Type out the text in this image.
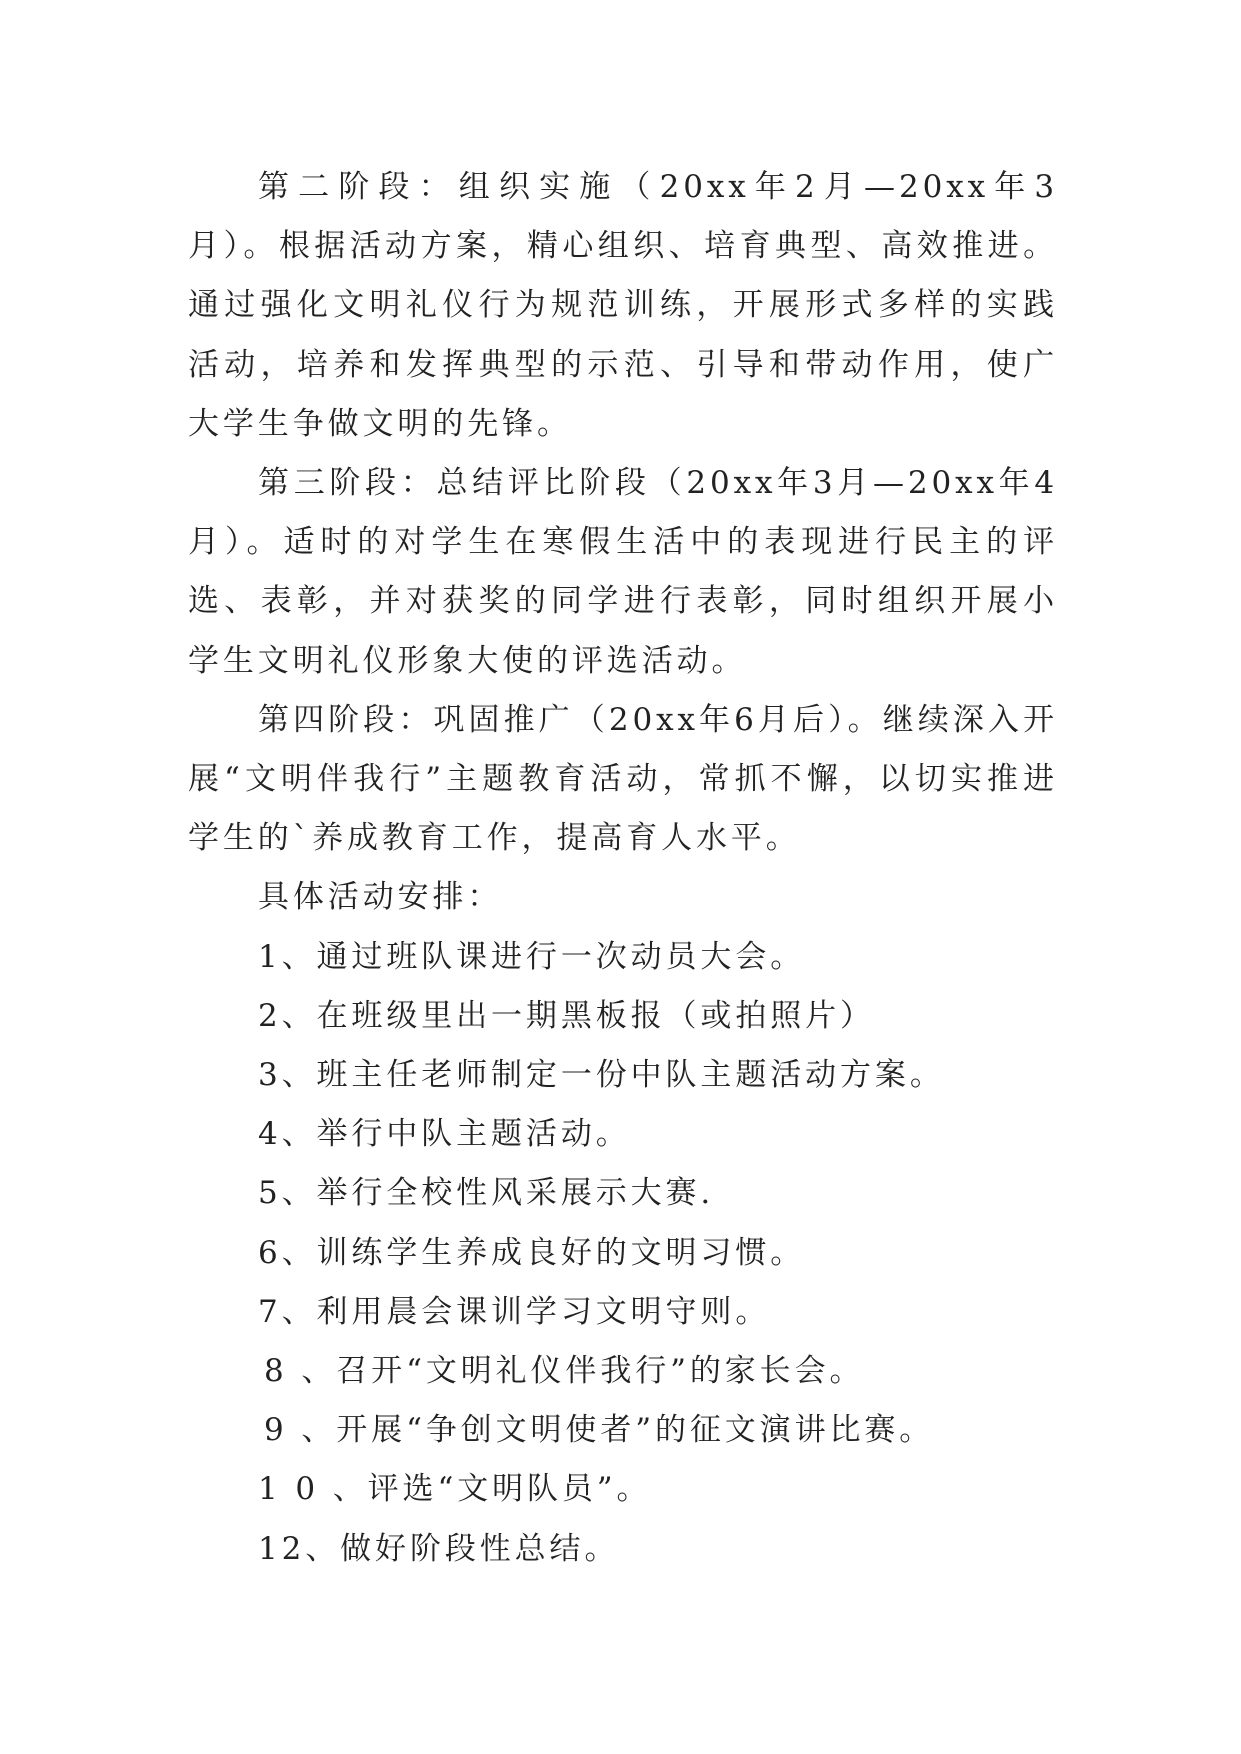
第二阶段：组织实施（20xx年2月—20xx年3月）。根据活动方案，精心组织、培育典型、高效推进。通过强化文明礼仪行为规范训练，开展形式多样的实践活动，培养和发挥典型的示范、引导和带动作用，使广大学生争做文明的先锋。

第三阶段：总结评比阶段（20xx年3月—20xx年4月）。适时的对学生在寒假生活中的表现进行民主的评选、表彰，并对获奖的同学进行表彰，同时组织开展小学生文明礼仪形象大使的评选活动。

第四阶段：巩固推广（20xx年6月后）。继续深入开展“文明伴我行”主题教育活动，常抓不懈，以切实推进学生的`养成教育工作，提高育人水平。

具体活动安排：

1、通过班队课进行一次动员大会。

2、在班级里出一期黑板报（或拍照片）

3、班主任老师制定一份中队主题活动方案。

4、举行中队主题活动。

5、举行全校性风采展示大赛.

6、训练学生养成良好的文明习惯。

7、利用晨会课训学习文明守则。

8 、召开“文明礼仪伴我行”的家长会。

9 、开展“争创文明使者”的征文演讲比赛。

1 0 、评选“文明队员”。

12、做好阶段性总结。
